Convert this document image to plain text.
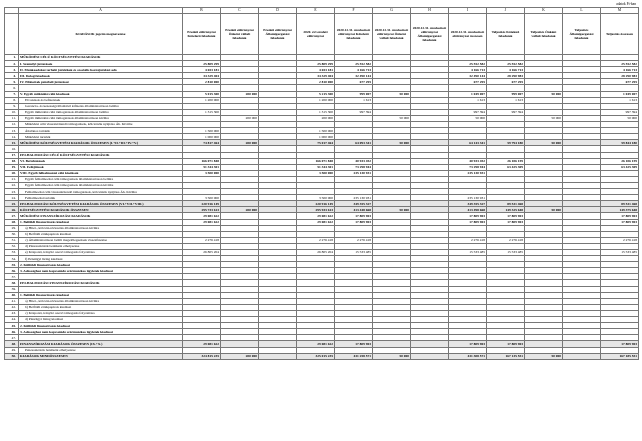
adatok Ft-ban
	A	B	C	D	E	F	G	H	I	J	K	L	M
	KIADÁSOK jogcím megnevezése	Eredeti előirányzat Kötelező feladatok	Eredeti előirányzat Önként vállalt feladatok	Eredeti előirányzat Államigazgatási feladatok	2020. évi eredeti előirányzat	2020.12.31. módosított előirányzat Kötelező feladatok	2020.12.31. módosított előirányzat Önként vállalt feladatok	2020.12.31. módosított előirányzat Államigazgatási feladatok	2020.12.31. módosított előirányzat összesen	Teljesítés Kötelező feladatok	Teljesítés Önként vállalt feladatok	Teljesítés Államigazgatási feladatok	Teljesítés összesen
1.	MŰKÖDÉSI CÉLÚ KÖLTSÉGVETÉSI KIADÁSOK												
2.	I. Személyi juttatások	25 809 299			25 809 299	25 552 582			25 552 582	25 552 582			25 552 582
3.	II. Munkaadókat terhelő járulékok és szociális hozzájárulási adó	4 653 181			4 653 181	4 166 713			4 166 713	4 166 713			4 166 713
4.	III. Dologi kiadások	34 329 404			34 329 404	32 490 144			32 490 144	28 290 983			28 290 983
5.	IV. Ellátottak pénzbeli juttatásai	2 810 000			2 810 000	677 295			677 295	677 295			677 295
6.													
7.	V. Egyéb működési célú kiadások	5 015 300	200 000		5 215 300	999 007	50 000		1 049 007	999 007	50 000		1 049 007
8.	Elvonások és befizetések	1 200 000			1 200 000	1 613			1 613	1 613			1 613
9.	Garancia- és kezességvállalásból kifizetés államháztartáson belülre												
10.	Egyéb működési célú támogatások államháztartáson belülre	1 315 300			1 315 300	997 394			997 394	997 394			997 394
11.	Egyéb működési célú támogatások államháztartáson kívülre		200 000		200 000		50 000		50 000		50 000		50 000
12.	Működési célú visszatérítendő támogatások, kölcsönök nyújtása Áh. Kívülre												
13.	Általános tartalék	1 500 000			1 500 000								
14.	Működési tartalék	1 000 000			1 000 000								
15.	MŰKÖDÉSI KÖLTSÉGVETÉSI KIADÁSOK ÖSSZESEN (I.+II.+III.+IV.+V.)	74 817 464	200 000		75 017 464	64 093 341	50 000		64 143 341	59 794 180	50 000		59 844 180
16.													
17.	FELHALMOZÁSI CÉLÚ KÖLTSÉGVETÉSI KIADÁSOK												
18.	VI. Beruházások	166 071 848			166 071 848	40 933 452			40 933 452	26 106 159			26 106 159
19.	VII. Felújítások	51 344 301			51 344 301	73 298 944			73 298 944	63 425 309			63 425 309
20.	VIII. Egyéb felhalmozási célú kiadások	3 500 000			3 500 000	235 130 931			235 130 931				
21.	Egyéb felhalmozási célú támogatások államháztartáson belülre												
22.	Egyéb felhalmozási célú támogatások államháztartáson kívülre												
23.	Felhalmozási célú visszatérítendő támogatások, kölcsönök nyújtása Áh. Kívülre												
24.	Felhalmozási tartalék	3 500 000			3 500 000	235 130 931			235 130 931				
25.	FELHALMOZÁSI KÖLTSÉGVETÉSI KIADÁSOK ÖSSZESEN (VI.+VII.+VIII.)	220 916 149			220 916 149	349 355 327			349 355 327	89 531 468			89 531 468
26.	KÖLTSÉGVETÉSI KIADÁSOK ÖSSZESEN	295 733 613	200 000		295 933 613	413 448 668	50 000		413 498 668	149 325 648	50 000		149 375 648
27.	MŰKÖDÉSI FINANSZÍROZÁSI KIADÁSOK	29 081 622			29 081 622	17 809 903			17 809 903	17 809 903			17 809 903
28.	1. Belföldi finanszírozás kiadásai	29 081 622			29 081 622	17 809 903			17 809 903	17 809 903			17 809 903
29.	a) Hitel-, kölcsön-törlesztés államháztartáson kívülre												
30.	b) Belföldi értékpapírok kiadásai												
31.	c) Államháztartáson belüli megelőlegezések visszafizetése	2 276 418			2 276 418	2 276 418			2 276 418	2 276 418			2 276 418
32.	d) Pénzeszközök betétként elhelyezése												
33.	e) Központi, irányító szervi támogatás folyósítása	26 805 204			26 805 204	15 533 485			15 533 485	15 533 485			15 533 485
34.	f) Pénzügyi lízing kiadásai												
35.	2. Külföldi finanszírozás kiadásai												
36.	3. Adóssághoz nem kapcsolódó származékos ügyletek kiadásai												
37.													
38.	FELHALMOZÁSI FINANSZÍROZÁSI KIADÁSOK												
39.													
40.	1. Belföldi finanszírozás kiadásai												
41.	a) Hitel-, kölcsön-törlesztés államháztartáson kívülre												
42.	b) Belföldi értékpapírok kiadásai												
43.	c) Központi, irányító szervi támogatás folyósítása												
44.	d) Pénzügyi lízing kiadásai												
45.	2. Külföldi finanszírozás kiadásai												
46.	3. Adóssághoz nem kapcsolódó származékos ügyletek kiadásai												
47.													
48.	FINANSZÍROZÁSI KIADÁSOK ÖSSZESEN (IX.+X.)	29 081 622			29 081 622	17 809 903			17 809 903	17 809 903			17 809 903
49.	Pénzeszközök betétként elhelyezése												
50.	KIADÁSOK MINDÖSSZESEN	324 815 235	200 000		325 015 235	431 258 571	50 000		431 308 571	167 135 551	50 000		167 185 551
